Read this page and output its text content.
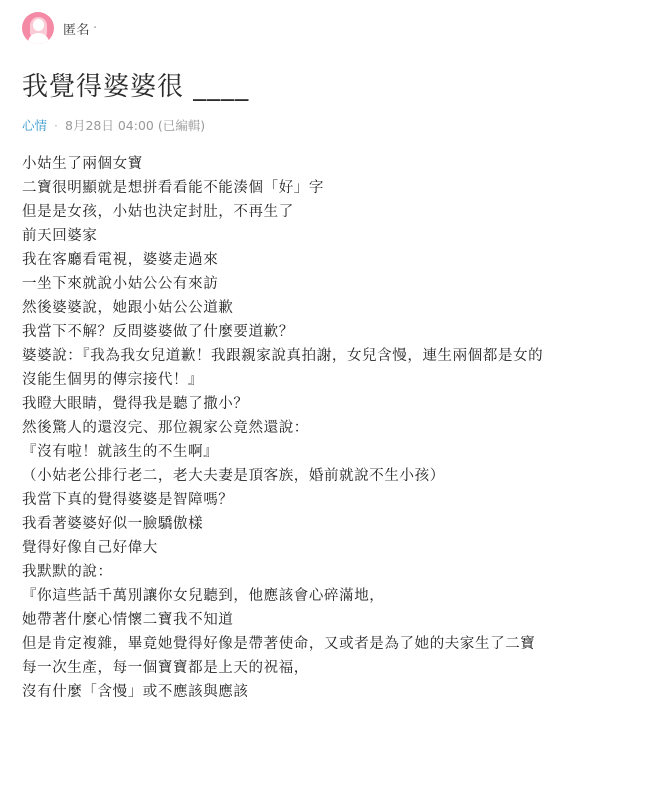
匿名 ·
我覺得婆婆很 ____
心情 · 8月28日 04:00 (已編輯)
小姑生了兩個女寶
二寶很明顯就是想拼看看能不能湊個「好」字
但是是女孩，小姑也決定封肚，不再生了
前天回婆家
我在客廳看電視，婆婆走過來
一坐下來就說小姑公公有來訪
然後婆婆說，她跟小姑公公道歉
我當下不解？反問婆婆做了什麼要道歉？
婆婆說：『我為我女兒道歉！我跟親家說真拍謝，女兒含慢，連生兩個都是女的
沒能生個男的傳宗接代！』
我瞪大眼睛，覺得我是聽了撒小？
然後驚人的還沒完、那位親家公竟然還說：
『沒有啦！就該生的不生啊』
（小姑老公排行老二，老大夫妻是頂客族，婚前就說不生小孩）
我當下真的覺得婆婆是智障嗎？
我看著婆婆好似一臉驕傲樣
覺得好像自己好偉大
我默默的說：
『你這些話千萬別讓你女兒聽到，他應該會心碎滿地，
她帶著什麼心情懷二寶我不知道
但是肯定複雜，畢竟她覺得好像是帶著使命，又或者是為了她的夫家生了二寶
每一次生產，每一個寶寶都是上天的祝福，
沒有什麼「含慢」或不應該與應該
